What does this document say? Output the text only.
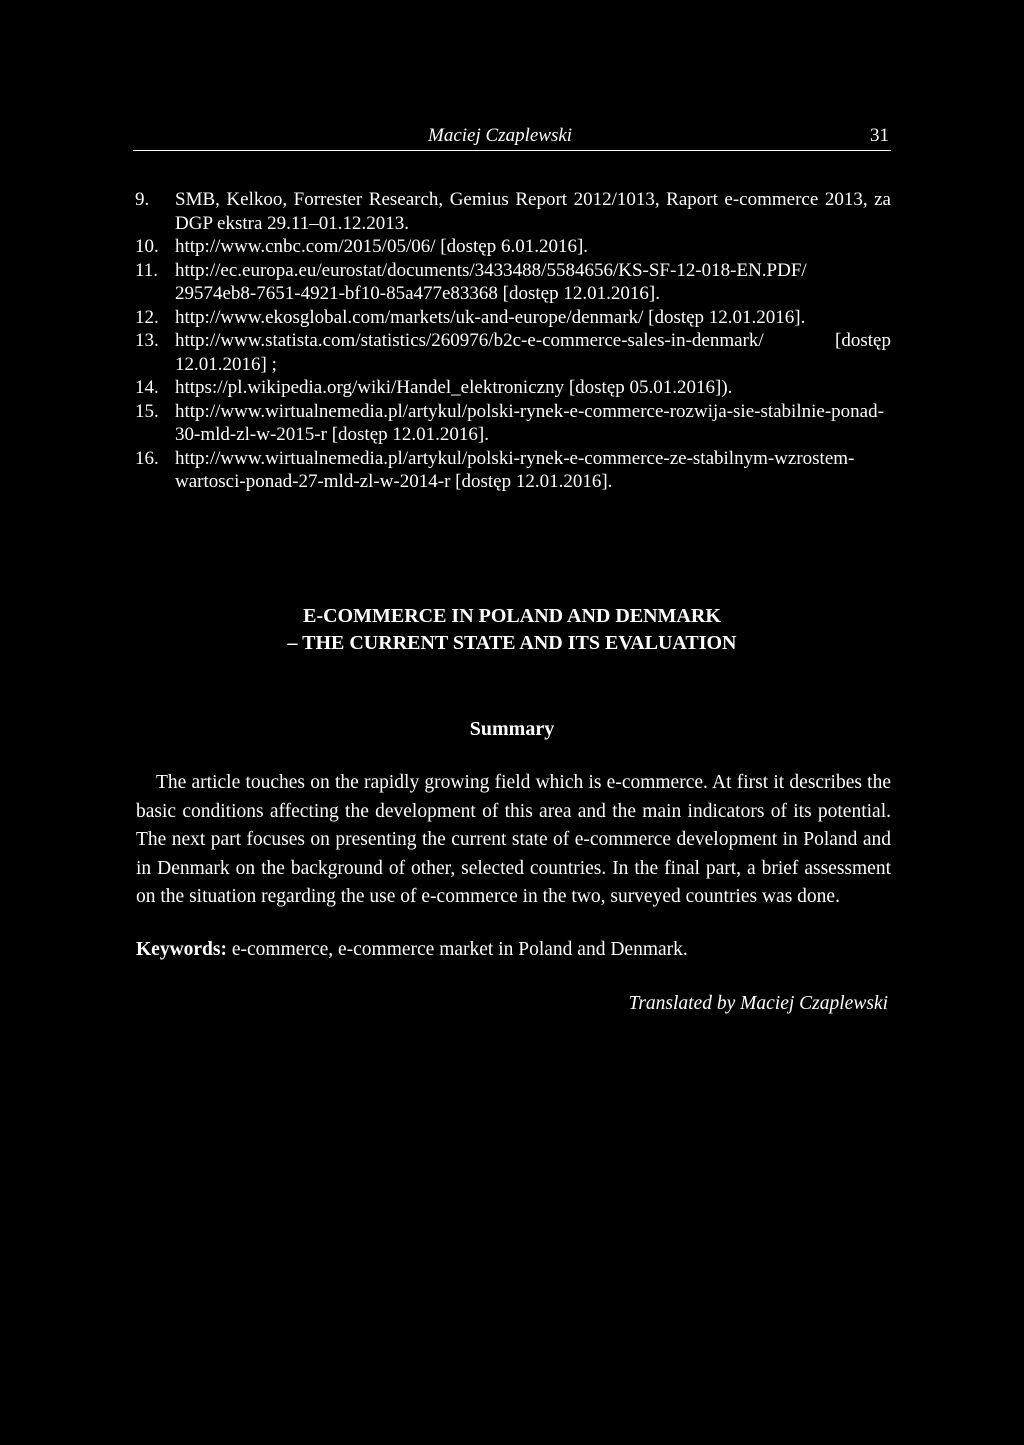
Maciej Czaplewski	31
9. SMB, Kelkoo, Forrester Research, Gemius Report 2012/1013, Raport e-commerce 2013, za DGP ekstra 29.11–01.12.2013.
10. http://www.cnbc.com/2015/05/06/ [dostęp 6.01.2016].
11. http://ec.europa.eu/eurostat/documents/3433488/5584656/KS-SF-12-018-EN.PDF/ 29574eb8-7651-4921-bf10-85a477e83368 [dostęp 12.01.2016].
12. http://www.ekosglobal.com/markets/uk-and-europe/denmark/ [dostęp 12.01.2016].
13. http://www.statista.com/statistics/260976/b2c-e-commerce-sales-in-denmark/ [dostęp 12.01.2016] ;
14. https://pl.wikipedia.org/wiki/Handel_elektroniczny [dostęp 05.01.2016]).
15. http://www.wirtualnemedia.pl/artykul/polski-rynek-e-commerce-rozwija-sie-stabilnie-ponad-30-mld-zl-w-2015-r [dostęp 12.01.2016].
16. http://www.wirtualnemedia.pl/artykul/polski-rynek-e-commerce-ze-stabilnym-wzrostem-wartosci-ponad-27-mld-zl-w-2014-r [dostęp 12.01.2016].
E-COMMERCE IN POLAND AND DENMARK
– THE CURRENT STATE AND ITS EVALUATION
Summary

The article touches on the rapidly growing field which is e-commerce. At first it describes the basic conditions affecting the development of this area and the main indicators of its potential. The next part focuses on presenting the current state of e-commerce development in Poland and in Denmark on the background of other, selected countries. In the final part, a brief assessment on the situation regarding the use of e-commerce in the two, surveyed countries was done.

Keywords: e-commerce, e-commerce market in Poland and Denmark.
Translated by Maciej Czaplewski
